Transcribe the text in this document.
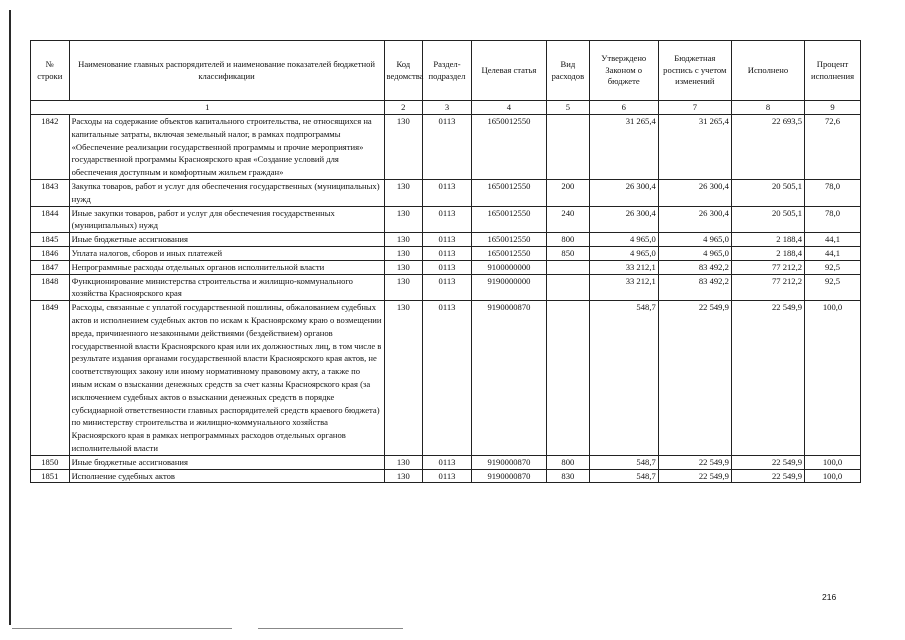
№ строки	Наименование главных распорядителей и наименование показателей бюджетной классификации	Код ведомства	Раздел-подраздел	Целевая статья	Вид расходов	Утверждено Законом о бюджете	Бюджетная роспись с учетом изменений	Исполнено	Процент исполнения
1		2	3	4	5	6	7	8	9
1842	Расходы на содержание объектов капитального строительства, не относящихся на капитальные затраты, включая земельный налог, в рамках подпрограммы «Обеспечение реализации государственной программы и прочие мероприятия» государственной программы Красноярского края «Создание условий для обеспечения доступным и комфортным жильем граждан»	130	0113	1650012550		31 265,4	31 265,4	22 693,5	72,6
1843	Закупка товаров, работ и услуг для обеспечения государственных (муниципальных) нужд	130	0113	1650012550	200	26 300,4	26 300,4	20 505,1	78,0
1844	Иные закупки товаров, работ и услуг для обеспечения государственных (муниципальных) нужд	130	0113	1650012550	240	26 300,4	26 300,4	20 505,1	78,0
1845	Иные бюджетные ассигнования	130	0113	1650012550	800	4 965,0	4 965,0	2 188,4	44,1
1846	Уплата налогов, сборов и иных платежей	130	0113	1650012550	850	4 965,0	4 965,0	2 188,4	44,1
1847	Непрограммные расходы отдельных органов исполнительной власти	130	0113	9100000000		33 212,1	83 492,2	77 212,2	92,5
1848	Функционирование министерства строительства и жилищно-коммунального хозяйства Красноярского края	130	0113	9190000000		33 212,1	83 492,2	77 212,2	92,5
1849	Расходы, связанные с уплатой государственной пошлины, обжалованием судебных актов и исполнением судебных актов по искам к Красноярскому краю о возмещении вреда, причиненного незаконными действиями (бездействием) органов государственной власти Красноярского края или их должностных лиц, в том числе в результате издания органами государственной власти Красноярского края актов, не соответствующих закону или иному нормативному правовому акту, а также по иным искам о взыскании денежных средств за счет казны Красноярского края (за исключением судебных актов о взыскании денежных средств в порядке субсидиарной ответственности главных распорядителей средств краевого бюджета) по министерству строительства и жилищно-коммунального хозяйства Красноярского края в рамках непрограммных расходов отдельных органов исполнительной власти	130	0113	9190000870		548,7	22 549,9	22 549,9	100,0
1850	Иные бюджетные ассигнования	130	0113	9190000870	800	548,7	22 549,9	22 549,9	100,0
1851	Исполнение судебных актов	130	0113	9190000870	830	548,7	22 549,9	22 549,9	100,0
216
